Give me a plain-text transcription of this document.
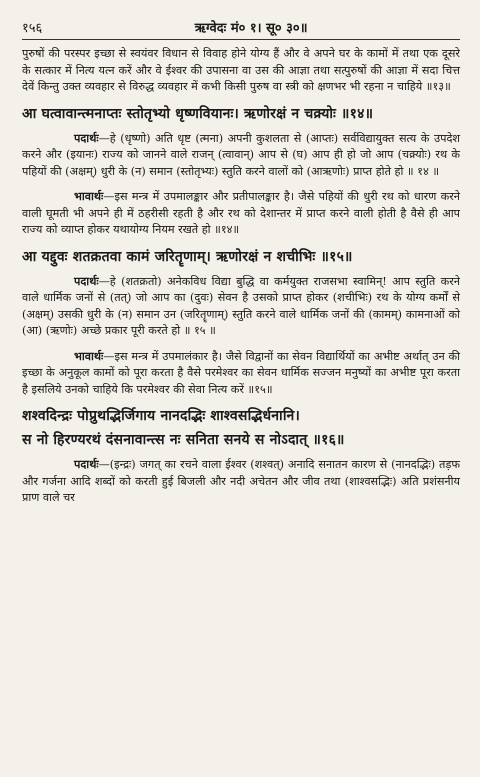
१५६	ऋग्वेदः मं० १। सू० ३०॥

पुरुषों की परस्पर इच्छा से स्वयंवर विधान से विवाह होने योग्य हैं और वे अपने घर के कामों में तथा एक दूसरे के सत्कार में नित्य यत्न करें और वे ईश्वर की उपासना वा उस की आज्ञा तथा सत्पुरुषों की आज्ञा में सदा चित्त देवें किन्तु उक्त व्यवहार से विरुद्ध व्यवहार में कभी किसी पुरुष वा स्त्री को क्षणभर भी रहना न चाहिये ॥१३॥

आ घत्वावान्त्मनाप्तः स्तोतृभ्यो धृष्णवियानः। ऋणोरक्षं न चक्र्योः ॥१४॥

पदार्थः—हे (धृष्णो) अति धृष्ट (त्मना) अपनी कुशलता से (आप्तः) सर्वविद्यायुक्त सत्य के उपदेश करने और (इयानः) राज्य को जानने वाले राजन् (त्वावान्) आप से (घ) आप ही हो जो आप (चक्र्योः) रथ के पहियों की (अक्षम्) धुरी के (न) समान (स्तोतृभ्यः) स्तुति करने वालों को (आऋणोः) प्राप्त होते हो ॥ १४ ॥

भावार्थः—इस मन्त्र में उपमालङ्कार और प्रतीपालङ्कार है। जैसे पहियों की धुरी रथ को धारण करने वाली घूमती भी अपने ही में ठहरीसी रहती है और रथ को देशान्तर में प्राप्त करने वाली होती है वैसे ही आप राज्य को व्याप्त होकर यथायोग्य नियम रखते हो ॥१४॥

आ यद्दुवः शतक्रतवा कामं जरितॄणाम्। ऋणोरक्षं न शचीभिः ॥१५॥

पदार्थः—हे (शतक्रतो) अनेकविध विद्या बुद्धि वा कर्मयुक्त राजसभा स्वामिन्! आप स्तुति करने वाले धार्मिक जनों से (तत्) जो आप का (दुवः) सेवन है उसको प्राप्त होकर (शचीभिः) रथ के योग्य कर्मों से (अक्षम्) उसकी धुरी के (न) समान उन (जरितॄणाम्) स्तुति करने वाले धार्मिक जनों की (कामम्) कामनाओं को (आ) (ऋणोः) अच्छे प्रकार पूरी करते हो ॥ १५ ॥

भावार्थः—इस मन्त्र में उपमालंकार है। जैसे विद्वानों का सेवन विद्यार्थियों का अभीष्ट अर्थात् उन की इच्छा के अनुकूल कामों को पूरा करता है वैसे परमेश्वर का सेवन धार्मिक सज्जन मनुष्यों का अभीष्ट पूरा करता है इसलिये उनको चाहिये कि परमेश्वर की सेवा नित्य करें ॥१५॥

शश्वदिन्द्रः पोप्रुथद्भिर्जिगाय नानदद्भिः शाश्वसद्भिर्धनानि।

स नो हिरण्यरथं दंसनावान्त्स नः सनिता सनये स नोऽदात् ॥१६॥

पदार्थः—(इन्द्रः) जगत् का रचने वाला ईश्वर (शश्वत्) अनादि सनातन कारण से (नानदद्भिः) तड़फ और गर्जना आदि शब्दों को करती हुई बिजली और नदी अचेतन और जीव तथा (शाश्वसद्भिः) अति प्रशंसनीय प्राण वाले चर
